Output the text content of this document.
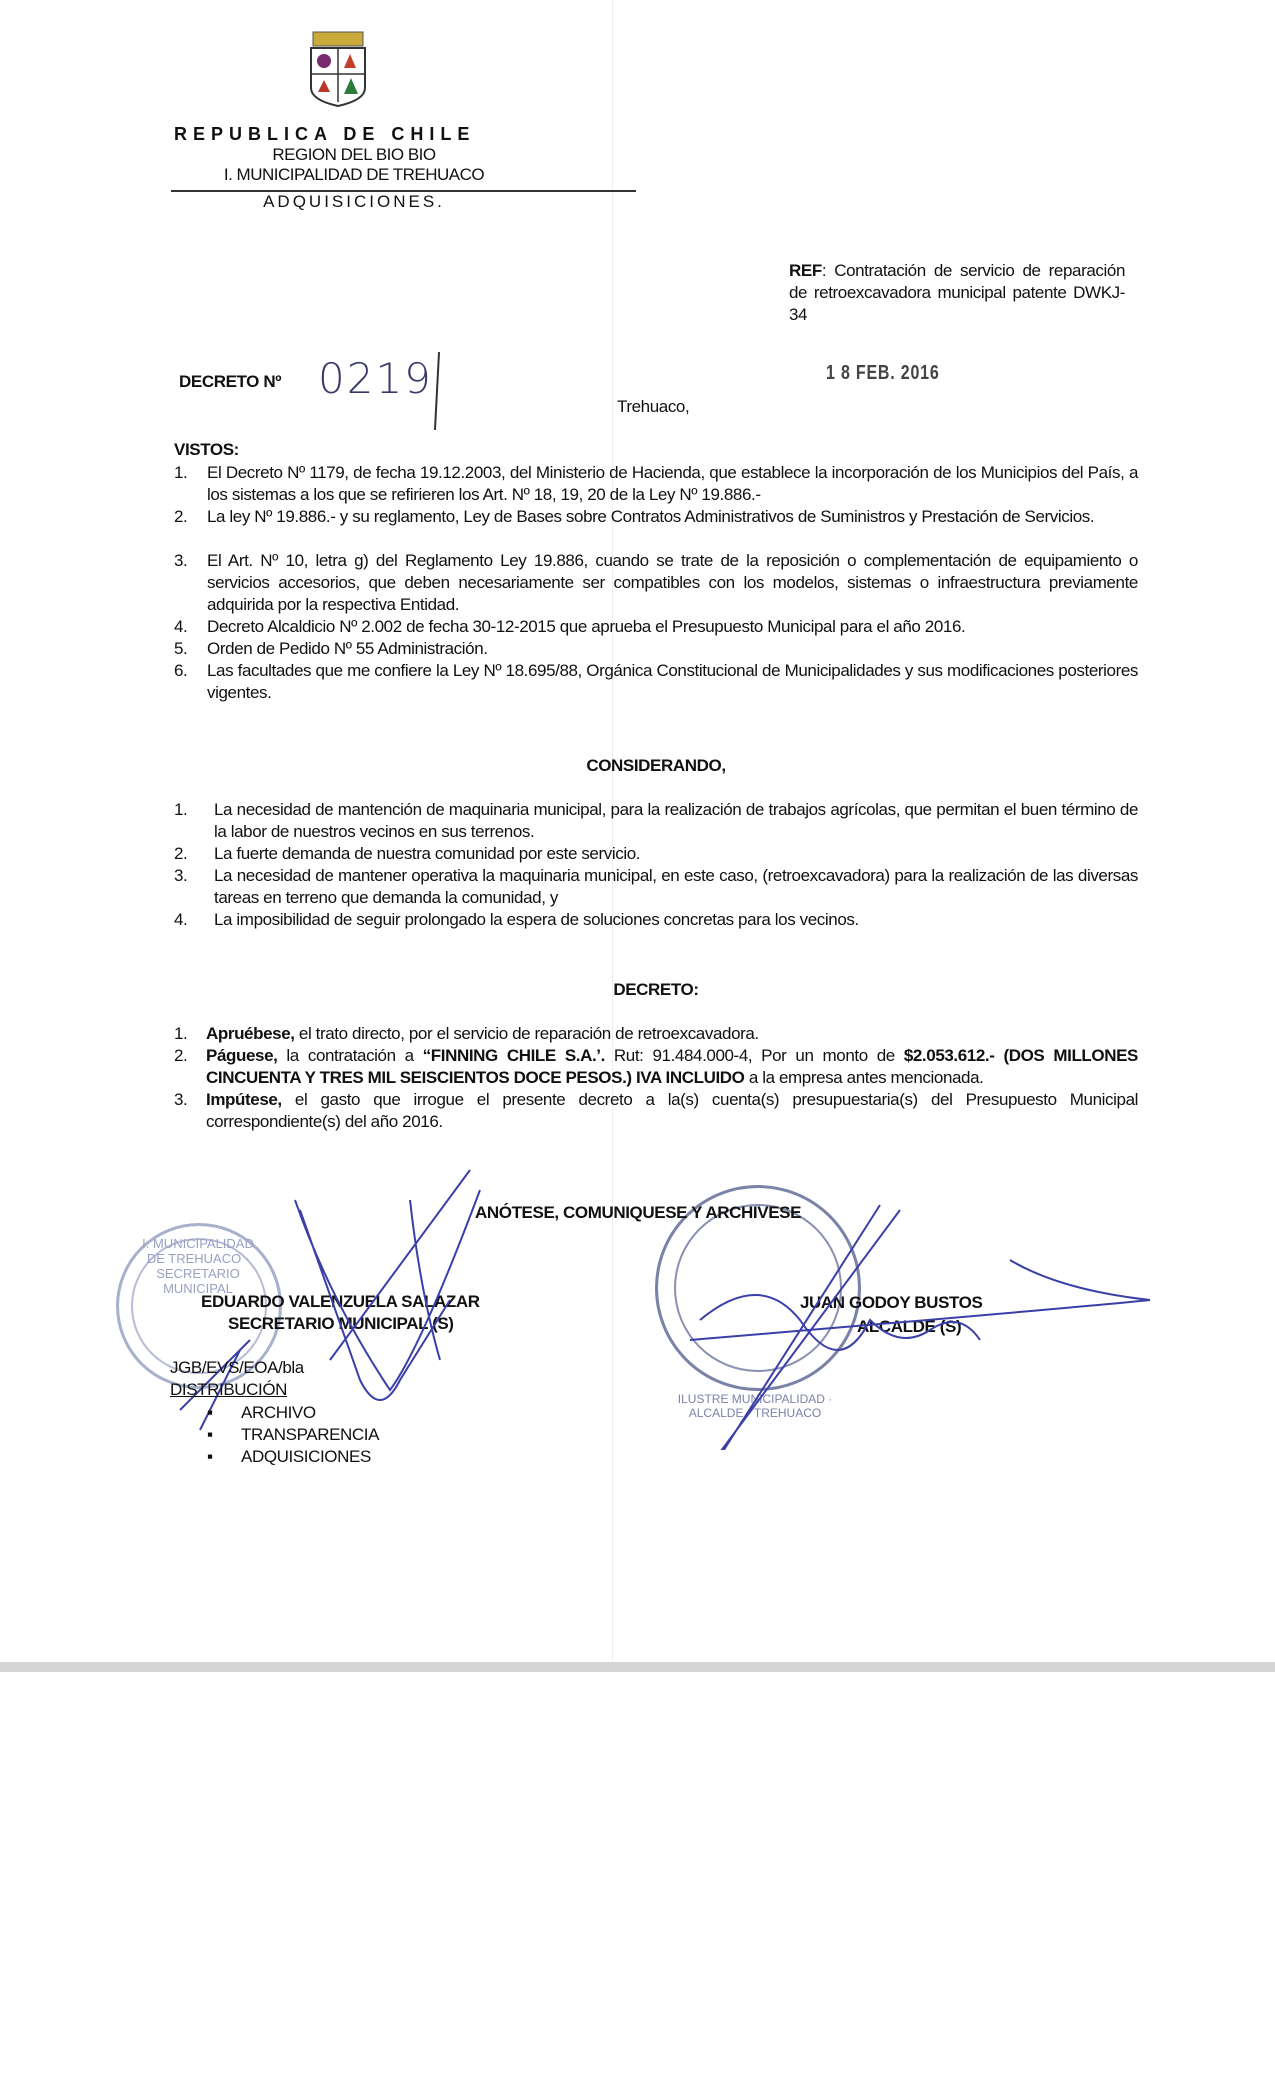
REPUBLICA DE CHILE
REGION DEL BIO BIO
I. MUNICIPALIDAD DE TREHUACO
ADQUISICIONES.
REF: Contratación de servicio de reparación de retroexcavadora municipal patente DWKJ-34
1 8 FEB. 2016
DECRETO Nº 0219
Trehuaco,
VISTOS:
1. El Decreto Nº 1179, de fecha 19.12.2003, del Ministerio de Hacienda, que establece la incorporación de los Municipios del País, a los sistemas a los que se refirieren los Art. Nº 18, 19, 20 de la Ley Nº 19.886.-
2. La ley Nº 19.886.- y su reglamento, Ley de Bases sobre Contratos Administrativos de Suministros y Prestación de Servicios.
3. El Art. Nº 10, letra g) del Reglamento Ley 19.886, cuando se trate de la reposición o complementación de equipamiento o servicios accesorios, que deben necesariamente ser compatibles con los modelos, sistemas o infraestructura previamente adquirida por la respectiva Entidad.
4. Decreto Alcaldicio Nº 2.002 de fecha 30-12-2015 que aprueba el Presupuesto Municipal para el año 2016.
5. Orden de Pedido Nº 55 Administración.
6. Las facultades que me confiere la Ley Nº 18.695/88, Orgánica Constitucional de Municipalidades y sus modificaciones posteriores vigentes.
CONSIDERANDO,
1. La necesidad de mantención de maquinaria municipal, para la realización de trabajos agrícolas, que permitan el buen término de la labor de nuestros vecinos en sus terrenos.
2. La fuerte demanda de nuestra comunidad por este servicio.
3. La necesidad de mantener operativa la maquinaria municipal, en este caso, (retroexcavadora) para la realización de las diversas tareas en terreno que demanda la comunidad, y
4. La imposibilidad de seguir prolongado la espera de soluciones concretas para los vecinos.
DECRETO:
1. Apruébese, el trato directo, por el servicio de reparación de retroexcavadora.
2. Páguese, la contratación a “FINNING CHILE S.A.’. Rut: 91.484.000-4, Por un monto de $2.053.612.- (DOS MILLONES CINCUENTA Y TRES MIL SEISCIENTOS DOCE PESOS.) IVA INCLUIDO a la empresa antes mencionada.
3. Impútese, el gasto que irrogue el presente decreto a la(s) cuenta(s) presupuestaria(s) del Presupuesto Municipal correspondiente(s) del año 2016.
I. MUNICIPALIDAD DE TREHUACO · SECRETARIO MUNICIPAL
ILUSTRE MUNICIPALIDAD · ALCALDE · TREHUACO
ANÓTESE, COMUNIQUESE Y ARCHIVESE
EDUARDO VALENZUELA SALAZAR
SECRETARIO MUNICIPAL (S)
JUAN GODOY BUSTOS
ALCALDE (S)
JGB/EVS/EOA/bla
DISTRIBUCIÓN
▪ ARCHIVO
▪ TRANSPARENCIA
▪ ADQUISICIONES
